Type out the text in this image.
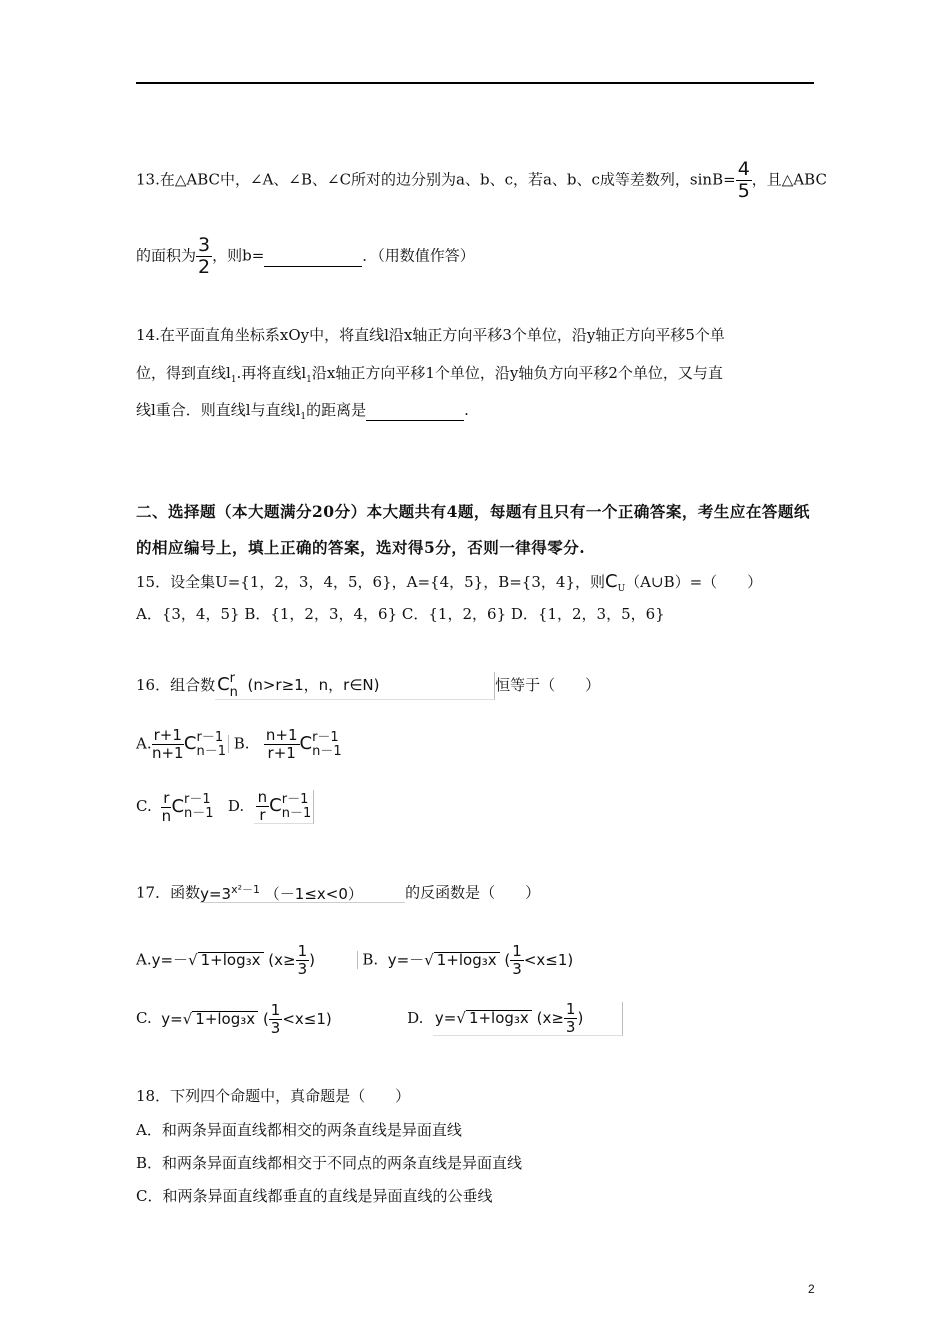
13.在△ABC中，∠A、∠B、∠C所对的边分别为a、b、c，若a、b、c成等差数列，$\sin B= \frac{4}{5}$ ，且△ABC
的面积为 $\frac{3}{2}$ ，则b=	．（用数值作答）
14.在平面直角坐标系xOy中，将直线l沿x轴正方向平移3个单位，沿y轴正方向平移5个单
位，得到直线$l_1$.再将直线$l_1$沿x轴正方向平移1个单位，沿y轴负方向平移2个单位，又与直
线l重合．则直线l与直线$l_1$的距离是	.
二、选择题（本大题满分20分）本大题共有4题，每题有且只有一个正确答案，考生应在答题纸
的相应编号上，填上正确的答案，选对得5分，否则一律得零分.
15．设全集U={1，2，3，4，5，6}，A={4，5}，B={3，4}，则$C_U(A\cup B)=$（　　）
A．{3，4，5} B．{1，2，3，4，6} C．{1，2，6} D．{1，2，3，5，6}
16．组合数 C r
n (n>r≥1，n，r∈N)	恒等于（　　）
A. $\frac{r+1}{n+1}$ C r－1
n－1 B. $\frac{n+1}{r+1}$ C r－1
n－1
C. $\frac{r}{n}$ C r－1
n－1 D. $\frac{n}{r}$ C r－1
n－1
17．函数$y=3^{x^2-1}$ （－1≤x<0）	的反函数是（　　）
A.y=－√ 1+log₃x ($x\ge \frac{1}{3}$ )	B. y=－√ 1+log₃x ( $\frac{1}{3} <x\le 1$)
C. y=√ 1+log₃x ( $\frac{1}{3} <x\le 1$)	D. y=√ 1+log₃x ($x\ge \frac{1}{3}$ )
18．下列四个命题中，真命题是（　　）
A．和两条异面直线都相交的两条直线是异面直线
B．和两条异面直线都相交于不同点的两条直线是异面直线
C．和两条异面直线都垂直的直线是异面直线的公垂线
2
